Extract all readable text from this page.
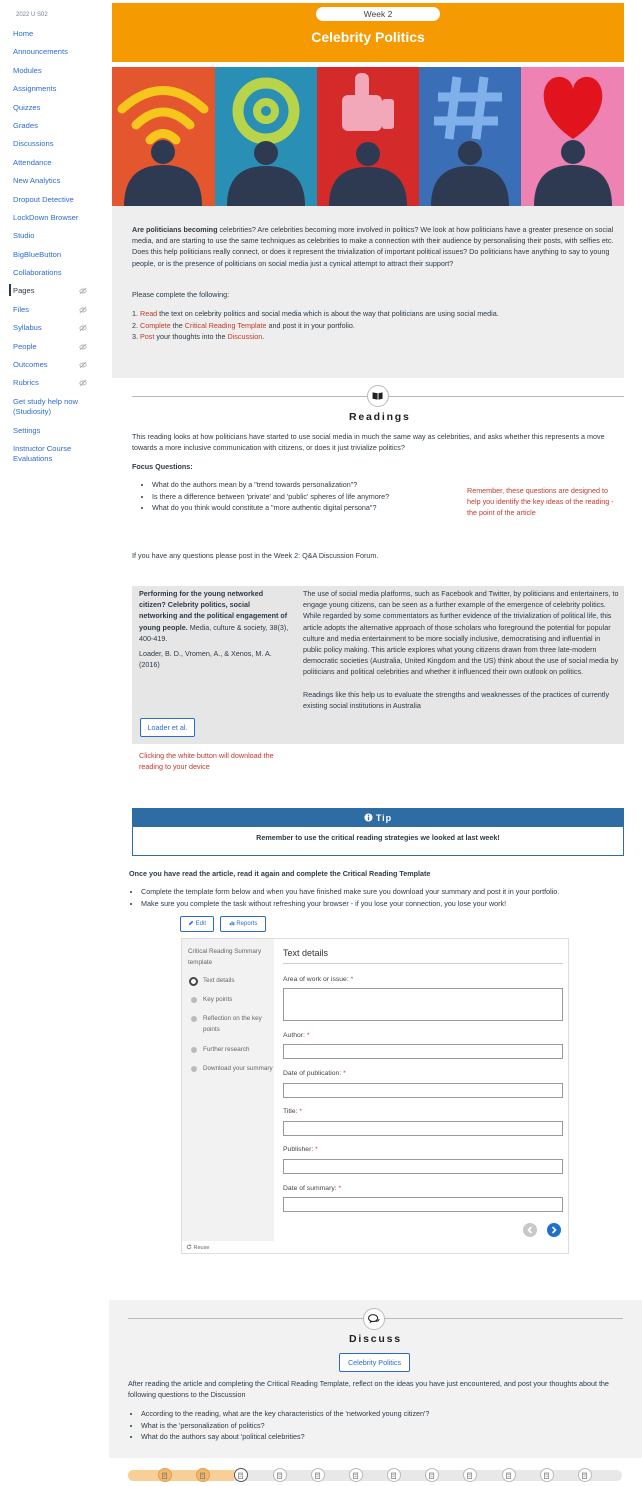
2022 U S02
Home
Announcements
Modules
Assignments
Quizzes
Grades
Discussions
Attendance
New Analytics
Dropout Detective
LockDown Browser
Studio
BigBlueButton
Collaborations
Pages
Files
Syllabus
People
Outcomes
Rubrics
Get study help now (Studiosity)
Settings
Instructor Course Evaluations
Week 2
Celebrity Politics
Are politicians becoming celebrities? Are celebrities becoming more involved in politics? We look at how politicians have a greater presence on social media, and are starting to use the same techniques as celebrities to make a connection with their audience by personalising their posts, with selfies etc. Does this help politicians really connect, or does it represent the trivialization of important political issues? Do politicians have anything to say to young people, or is the presence of politicians on social media just a cynical attempt to attract their support?
Please complete the following:
1. Read the text on celebrity politics and social media which is about the way that politicians are using social media.
2. Complete the Critical Reading Template and post it in your portfolio.
3. Post your thoughts into the Discussion.
Readings
This reading looks at how politicians have started to use social media in much the same way as celebrities, and asks whether this represents a move towards a more inclusive communication with citizens, or does it just trivialize politics?
Focus Questions:
• What do the authors mean by a "trend towards personalization"?
• Is there a difference between 'private' and 'public' spheres of life anymore?
• What do you think would constitute a "more authentic digital persona"?
Remember, these questions are designed to help you identify the key ideas of the reading - the point of the article
If you have any questions please post in the Week 2: Q&A Discussion Forum.
Performing for the young networked citizen? Celebrity politics, social networking and the political engagement of young people. Media, culture & society, 38(3), 400-419.
Loader, B. D., Vromen, A., & Xenos, M. A. (2016)
The use of social media platforms, such as Facebook and Twitter, by politicians and entertainers, to engage young citizens, can be seen as a further example of the emergence of celebrity politics. While regarded by some commentators as further evidence of the trivialization of political life, this article adopts the alternative approach of those scholars who foreground the potential for popular culture and media entertainment to be more socially inclusive, democratising and influential in public policy making. This article explores what young citizens drawn from three late-modern democratic societies (Australia, United Kingdom and the US) think about the use of social media by politicians and political celebrities and whether it influenced their own outlook on politics.
Readings like this help us to evaluate the strengths and weaknesses of the practices of currently existing social institutions in Australia
Loader et al.
Clicking the white button will download the reading to your device
Tip
Remember to use the critical reading strategies we looked at last week!
Once you have read the article, read it again and complete the Critical Reading Template
• Complete the template form below and when you have finished make sure you download your summary and post it in your portfolio.
• Make sure you complete the task without refreshing your browser - if you lose your connection, you lose your work!
Edit	Reports
Critical Reading Summary template
Text details
Key points
Reflection on the key points
Further research
Download your summary
Text details
Area of work or issue: *
Author: *
Date of publication: *
Title: *
Publisher: *
Date of summary: *
Reuse
Discuss
Celebrity Politics
After reading the article and completing the Critical Reading Template, reflect on the ideas you have just encountered, and post your thoughts about the following questions to the Discussion
• According to the reading, what are the key characteristics of the 'networked young citizen'?
• What is the 'personalization of politics?
• What do the authors say about 'political celebrities?
